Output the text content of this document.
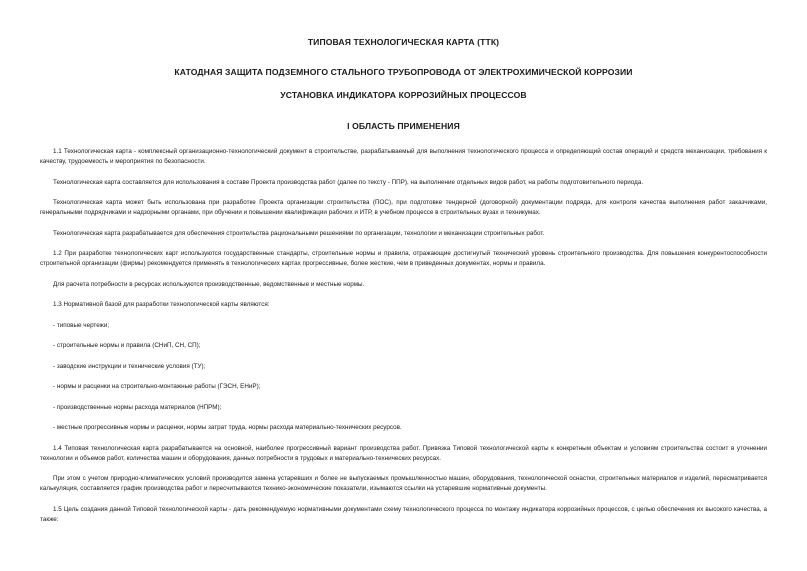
ТИПОВАЯ ТЕХНОЛОГИЧЕСКАЯ КАРТА (ТТК)

КАТОДНАЯ ЗАЩИТА ПОДЗЕМНОГО СТАЛЬНОГО ТРУБОПРОВОДА ОТ ЭЛЕКТРОХИМИЧЕСКОЙ КОРРОЗИИ

УСТАНОВКА ИНДИКАТОРА КОРРОЗИЙНЫХ ПРОЦЕССОВ

I ОБЛАСТЬ ПРИМЕНЕНИЯ

1.1 Технологическая карта - комплексный организационно-технологический документ в строительстве, разрабатываемый для выполнения технологического процесса и определяющий состав операций и средств механизации, требования к качеству, трудоемкость и мероприятия по безопасности.

Технологическая карта составляется для использования в составе Проекта производства работ (далее по тексту - ППР), на выполнение отдельных видов работ, на работы подготовительного периода.

Технологическая карта может быть использована при разработке Проекта организации строительства (ПОС), при подготовке тендерной (договорной) документации подряда, для контроля качества выполнения работ заказчиками, генеральными подрядчиками и надзорными органами, при обучении и повышении квалификации рабочих и ИТР, в учебном процессе в строительных вузах и техникумах.

Технологическая карта разрабатывается для обеспечения строительства рациональными решениями по организации, технологии и механизации строительных работ.

1.2 При разработке технологических карт используются государственные стандарты, строительные нормы и правила, отражающие достигнутый технический уровень строительного производства. Для повышения конкурентоспособности строительной организации (фирмы) рекомендуется применять в технологических картах прогрессивные, более жесткие, чем в приведенных документах, нормы и правила.

Для расчета потребности в ресурсах используются производственные, ведомственные и местные нормы.

1.3 Нормативной базой для разработки технологической карты являются:

- типовые чертежи;

- строительные нормы и правила (СНиП, СН, СП);

- заводские инструкции и технические условия (ТУ);

- нормы и расценки на строительно-монтажные работы (ГЭСН, ЕНиР);

- производственные нормы расхода материалов (НПРМ);

- местные прогрессивные нормы и расценки, нормы затрат труда, нормы расхода материально-технических ресурсов.

1.4 Типовая технологическая карта разрабатывается на основной, наиболее прогрессивный вариант производства работ. Привязка Типовой технологической карты к конкретным объектам и условиям строительства состоит в уточнении технологии и объемов работ, количества машин и оборудования, данных потребности в трудовых и материально-технических ресурсах.

При этом с учетом природно-климатических условий производится замена устаревших и более не выпускаемых промышленностью машин, оборудования, технологической оснастки, строительных материалов и изделий, пересматривается калькуляция, составляется график производства работ и пересчитываются технико-экономические показатели, изымаются ссылки на устаревшие нормативные документы.

1.5 Цель создания данной Типовой технологической карты - дать рекомендуемую нормативными документами схему технологического процесса по монтажу индикатора коррозийных процессов, с целью обеспечения их высокого качества, а также:
